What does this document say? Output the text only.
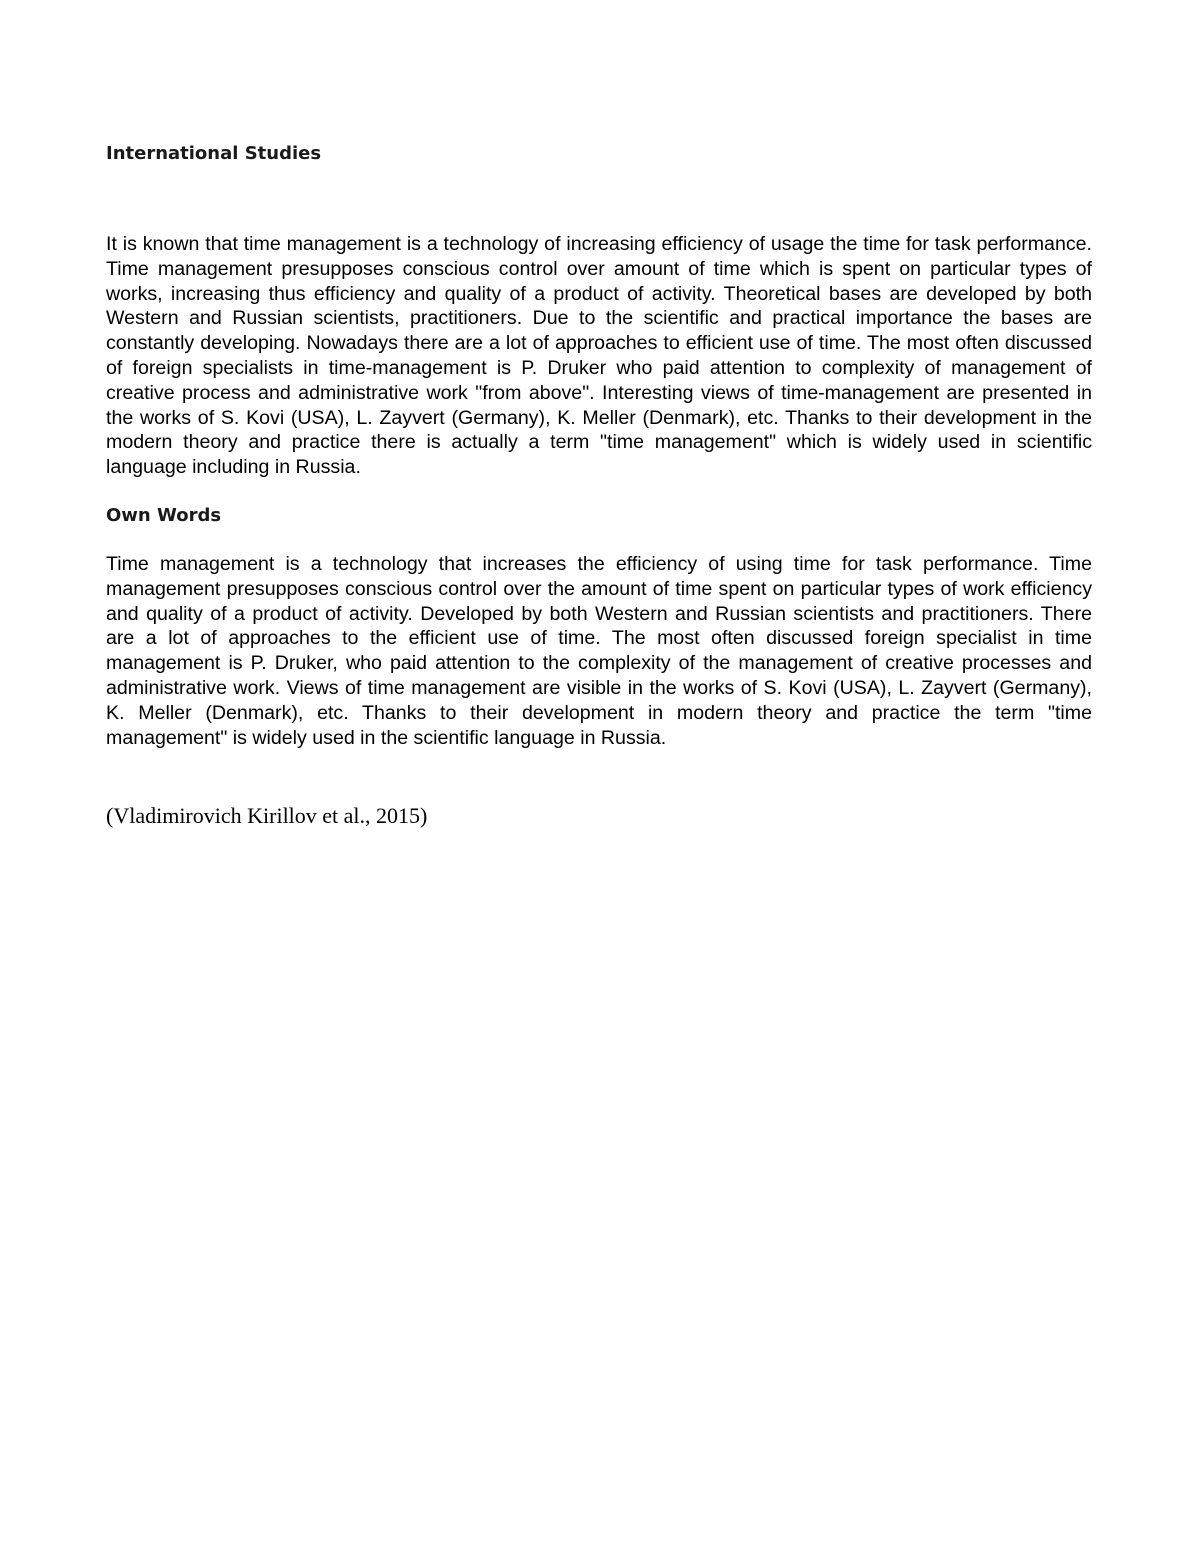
International Studies

It is known that time management is a technology of increasing efficiency of usage the time for task performance. Time management presupposes conscious control over amount of time which is spent on particular types of works, increasing thus efficiency and quality of a product of activity. Theoretical bases are developed by both Western and Russian scientists, practitioners. Due to the scientific and practical importance the bases are constantly developing. Nowadays there are a lot of approaches to efficient use of time. The most often discussed of foreign specialists in time-management is P. Druker who paid attention to complexity of management of creative process and administrative work "from above". Interesting views of time-management are presented in the works of S. Kovi (USA), L. Zayvert (Germany), K. Meller (Denmark), etc. Thanks to their development in the modern theory and practice there is actually a term "time management" which is widely used in scientific language including in Russia.

Own Words

Time management is a technology that increases the efficiency of using time for task performance. Time management presupposes conscious control over the amount of time spent on particular types of work efficiency and quality of a product of activity. Developed by both Western and Russian scientists and practitioners. There are a lot of approaches to the efficient use of time. The most often discussed foreign specialist in time management is P. Druker, who paid attention to the complexity of the management of creative processes and administrative work. Views of time management are visible in the works of S. Kovi (USA), L. Zayvert (Germany), K. Meller (Denmark), etc. Thanks to their development in modern theory and practice the term "time management" is widely used in the scientific language in Russia.

(Vladimirovich Kirillov et al., 2015)
